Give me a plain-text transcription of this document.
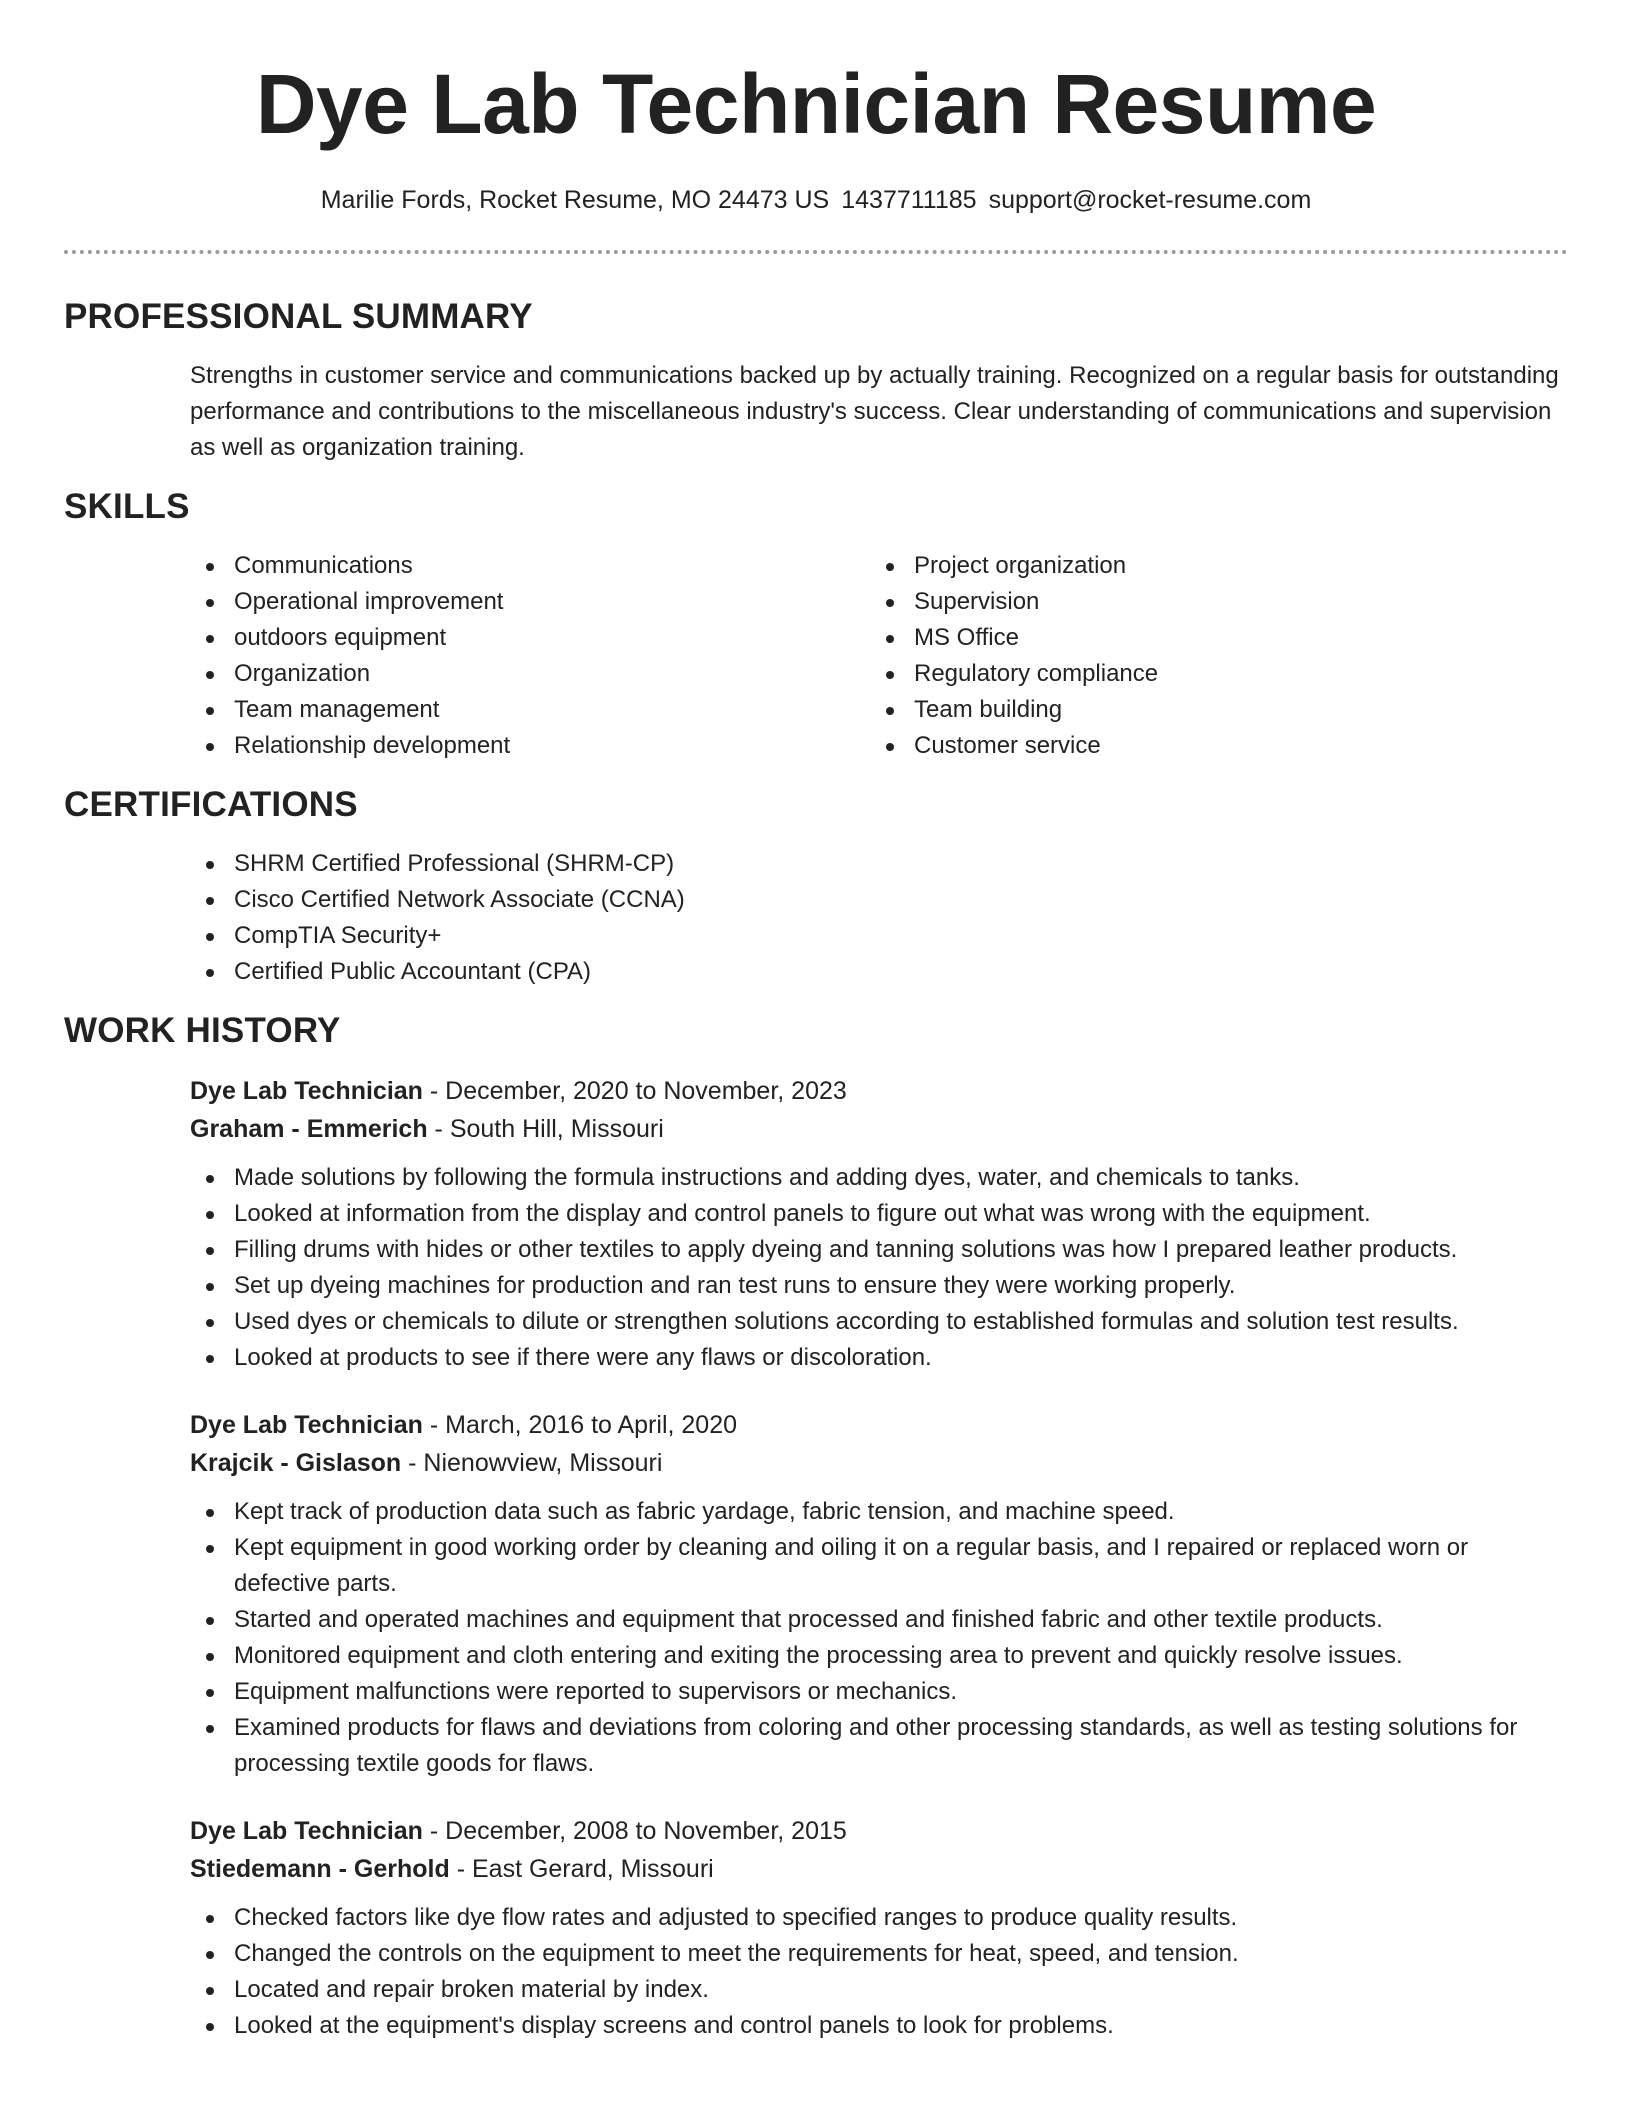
Dye Lab Technician Resume
Marilie Fords, Rocket Resume, MO 24473 US 1437711185 support@rocket-resume.com
PROFESSIONAL SUMMARY

Strengths in customer service and communications backed up by actually training. Recognized on a regular basis for outstanding performance and contributions to the miscellaneous industry's success. Clear understanding of communications and supervision as well as organization training.

SKILLS
Communications
Operational improvement
outdoors equipment
Organization
Team management
Relationship development
Project organization
Supervision
MS Office
Regulatory compliance
Team building
Customer service
CERTIFICATIONS
SHRM Certified Professional (SHRM-CP)
Cisco Certified Network Associate (CCNA)
CompTIA Security+
Certified Public Accountant (CPA)
WORK HISTORY
Dye Lab Technician - December, 2020 to November, 2023
Graham - Emmerich - South Hill, Missouri
Made solutions by following the formula instructions and adding dyes, water, and chemicals to tanks.
Looked at information from the display and control panels to figure out what was wrong with the equipment.
Filling drums with hides or other textiles to apply dyeing and tanning solutions was how I prepared leather products.
Set up dyeing machines for production and ran test runs to ensure they were working properly.
Used dyes or chemicals to dilute or strengthen solutions according to established formulas and solution test results.
Looked at products to see if there were any flaws or discoloration.
Dye Lab Technician - March, 2016 to April, 2020
Krajcik - Gislason - Nienowview, Missouri
Kept track of production data such as fabric yardage, fabric tension, and machine speed.
Kept equipment in good working order by cleaning and oiling it on a regular basis, and I repaired or replaced worn or defective parts.
Started and operated machines and equipment that processed and finished fabric and other textile products.
Monitored equipment and cloth entering and exiting the processing area to prevent and quickly resolve issues.
Equipment malfunctions were reported to supervisors or mechanics.
Examined products for flaws and deviations from coloring and other processing standards, as well as testing solutions for processing textile goods for flaws.
Dye Lab Technician - December, 2008 to November, 2015
Stiedemann - Gerhold - East Gerard, Missouri
Checked factors like dye flow rates and adjusted to specified ranges to produce quality results.
Changed the controls on the equipment to meet the requirements for heat, speed, and tension.
Located and repair broken material by index.
Looked at the equipment's display screens and control panels to look for problems.
